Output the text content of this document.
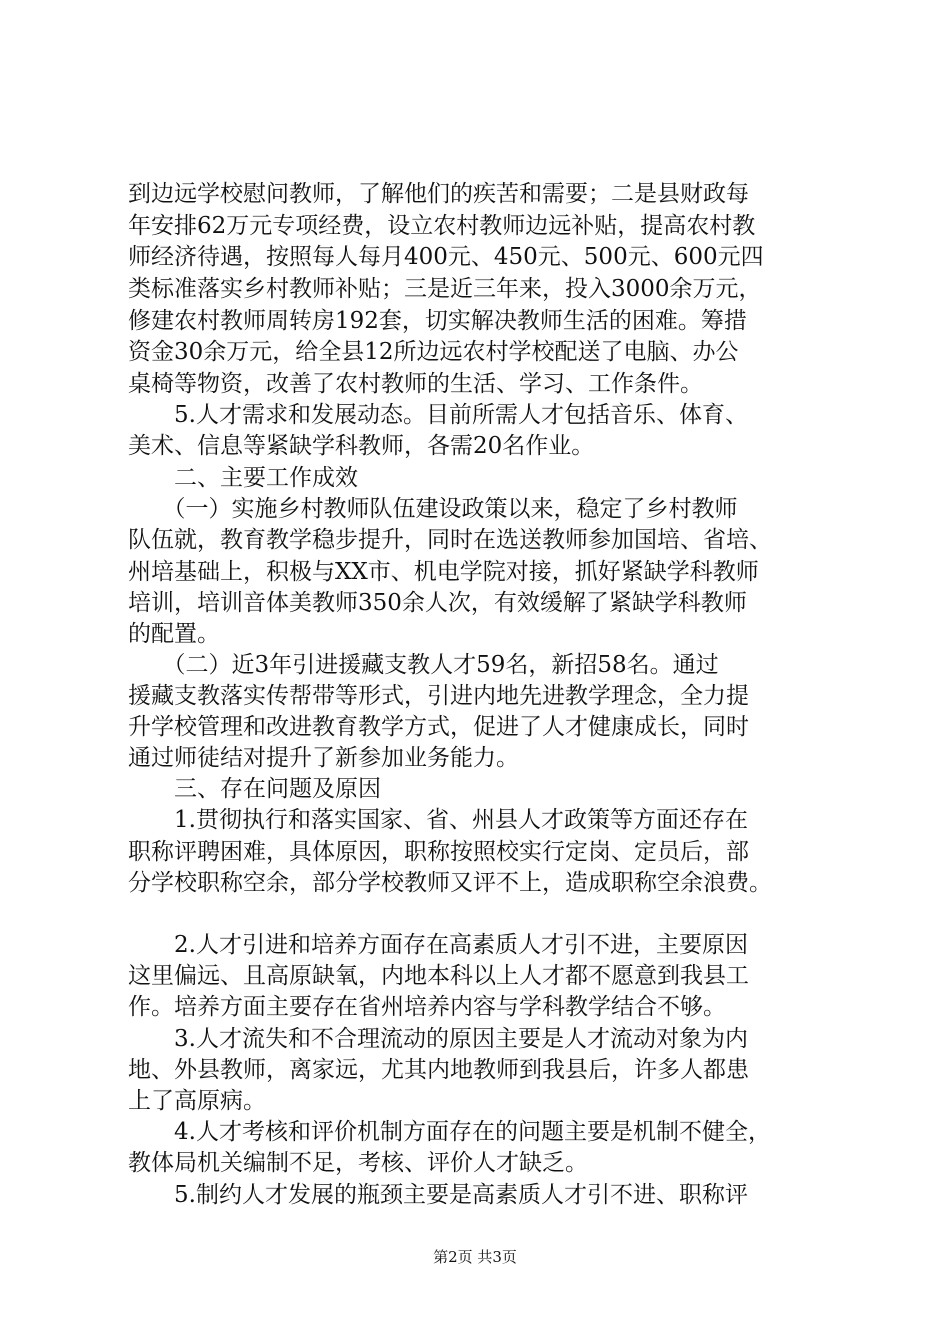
到边远学校慰问教师，了解他们的疾苦和需要；二是县财政每
年安排62万元专项经费，设立农村教师边远补贴，提高农村教
师经济待遇，按照每人每月400元、450元、500元、600元四
类标准落实乡村教师补贴；三是近三年来，投入3000余万元，
修建农村教师周转房192套，切实解决教师生活的困难。筹措
资金30余万元，给全县12所边远农村学校配送了电脑、办公
桌椅等物资，改善了农村教师的生活、学习、工作条件。
　　5.人才需求和发展动态。目前所需人才包括音乐、体育、
美术、信息等紧缺学科教师，各需20名作业。
　　二、主要工作成效
　　（一）实施乡村教师队伍建设政策以来，稳定了乡村教师
队伍就，教育教学稳步提升，同时在选送教师参加国培、省培、
州培基础上，积极与XX市、机电学院对接，抓好紧缺学科教师
培训，培训音体美教师350余人次，有效缓解了紧缺学科教师
的配置。
　　（二）近3年引进援藏支教人才59名，新招58名。通过
援藏支教落实传帮带等形式，引进内地先进教学理念，全力提
升学校管理和改进教育教学方式，促进了人才健康成长，同时
通过师徒结对提升了新参加业务能力。
　　三、存在问题及原因
　　1.贯彻执行和落实国家、省、州县人才政策等方面还存在
职称评聘困难，具体原因，职称按照校实行定岗、定员后，部
分学校职称空余，部分学校教师又评不上，造成职称空余浪费。
　　2.人才引进和培养方面存在高素质人才引不进，主要原因
这里偏远、且高原缺氧，内地本科以上人才都不愿意到我县工
作。培养方面主要存在省州培养内容与学科教学结合不够。
　　3.人才流失和不合理流动的原因主要是人才流动对象为内
地、外县教师，离家远，尤其内地教师到我县后，许多人都患
上了高原病。
　　4.人才考核和评价机制方面存在的问题主要是机制不健全，
教体局机关编制不足，考核、评价人才缺乏。
　　5.制约人才发展的瓶颈主要是高素质人才引不进、职称评
第2页 共3页
